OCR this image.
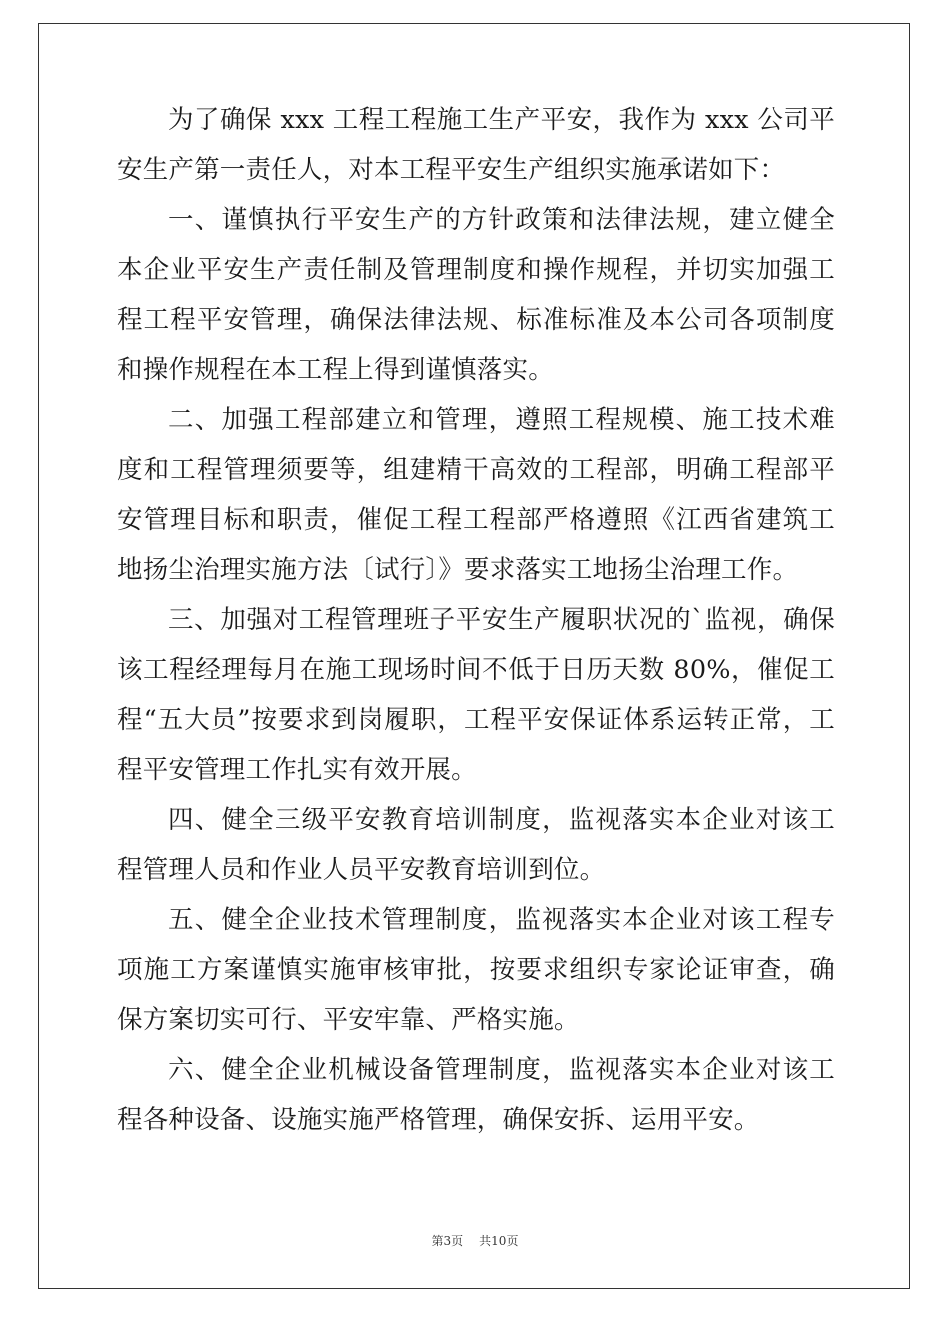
为了确保 xxx 工程工程施工生产平安，我作为 xxx 公司平安生产第一责任人，对本工程平安生产组织实施承诺如下：

一、谨慎执行平安生产的方针政策和法律法规，建立健全本企业平安生产责任制及管理制度和操作规程，并切实加强工程工程平安管理，确保法律法规、标准标准及本公司各项制度和操作规程在本工程上得到谨慎落实。

二、加强工程部建立和管理，遵照工程规模、施工技术难度和工程管理须要等，组建精干高效的工程部，明确工程部平安管理目标和职责，催促工程工程部严格遵照《江西省建筑工地扬尘治理实施方法〔试行〕》要求落实工地扬尘治理工作。

三、加强对工程管理班子平安生产履职状况的`监视，确保该工程经理每月在施工现场时间不低于日历天数 80%，催促工程“五大员”按要求到岗履职，工程平安保证体系运转正常，工程平安管理工作扎实有效开展。

四、健全三级平安教育培训制度，监视落实本企业对该工程管理人员和作业人员平安教育培训到位。

五、健全企业技术管理制度，监视落实本企业对该工程专项施工方案谨慎实施审核审批，按要求组织专家论证审查，确保方案切实可行、平安牢靠、严格实施。

六、健全企业机械设备管理制度，监视落实本企业对该工程各种设备、设施实施严格管理，确保安拆、运用平安。

第3页 共10页
